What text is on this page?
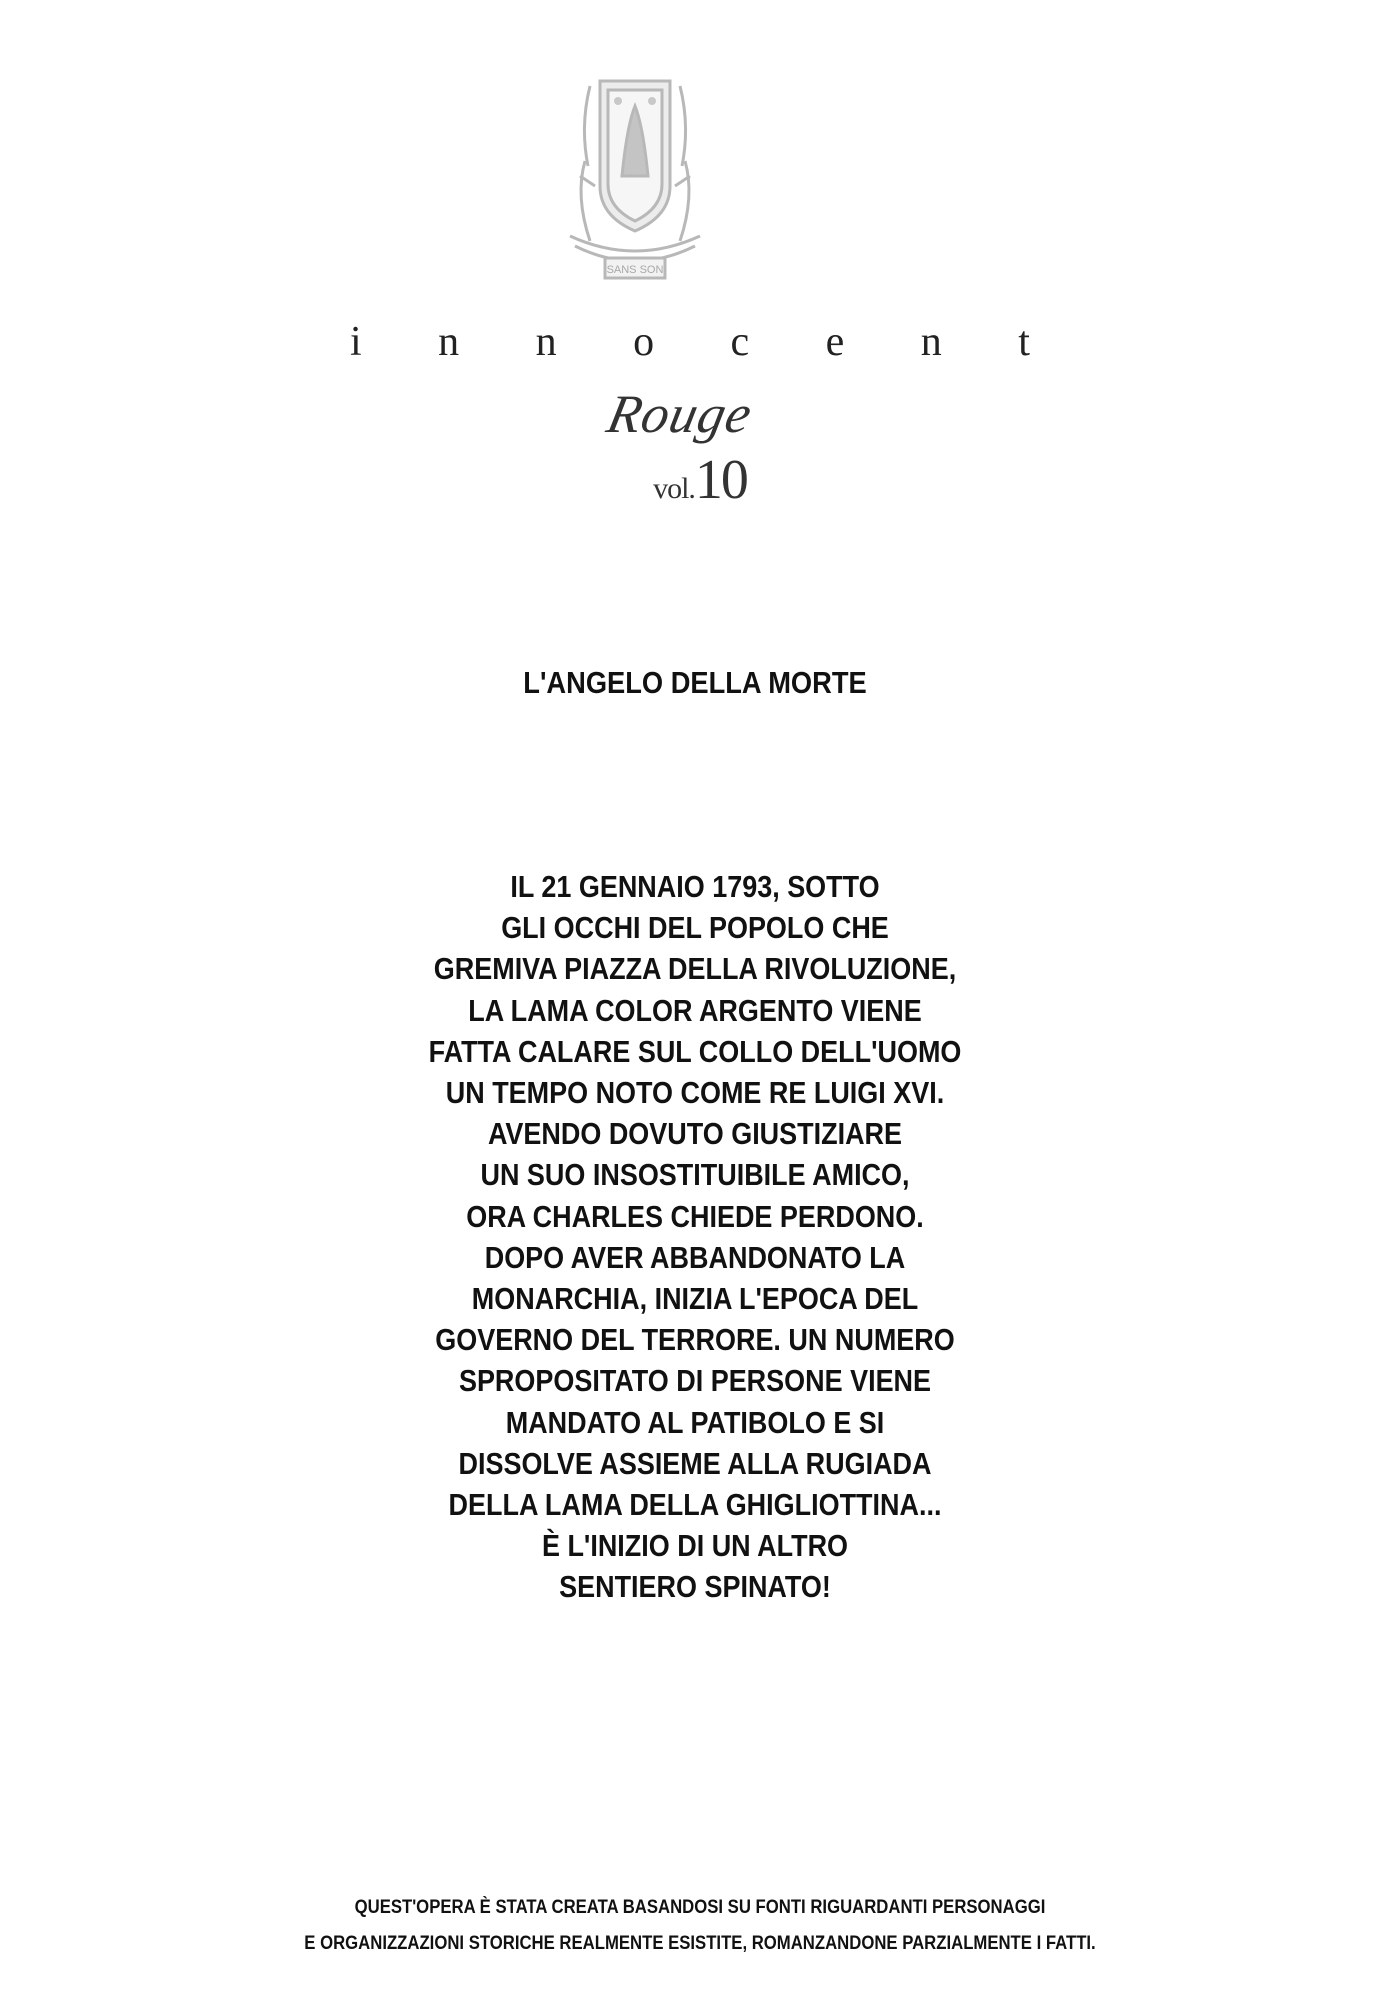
SANS SON
i n n o c e n t
Rouge
vol.10
L'ANGELO DELLA MORTE
IL 21 GENNAIO 1793, SOTTO
GLI OCCHI DEL POPOLO CHE
GREMIVA PIAZZA DELLA RIVOLUZIONE,
LA LAMA COLOR ARGENTO VIENE
FATTA CALARE SUL COLLO DELL'UOMO
UN TEMPO NOTO COME RE LUIGI XVI.
AVENDO DOVUTO GIUSTIZIARE
UN SUO INSOSTITUIBILE AMICO,
ORA CHARLES CHIEDE PERDONO.
DOPO AVER ABBANDONATO LA
MONARCHIA, INIZIA L'EPOCA DEL
GOVERNO DEL TERRORE. UN NUMERO
SPROPOSITATO DI PERSONE VIENE
MANDATO AL PATIBOLO E SI
DISSOLVE ASSIEME ALLA RUGIADA
DELLA LAMA DELLA GHIGLIOTTINA...
È L'INIZIO DI UN ALTRO
SENTIERO SPINATO!
QUEST'OPERA È STATA CREATA BASANDOSI SU FONTI RIGUARDANTI PERSONAGGI
E ORGANIZZAZIONI STORICHE REALMENTE ESISTITE, ROMANZANDONE PARZIALMENTE I FATTI.
